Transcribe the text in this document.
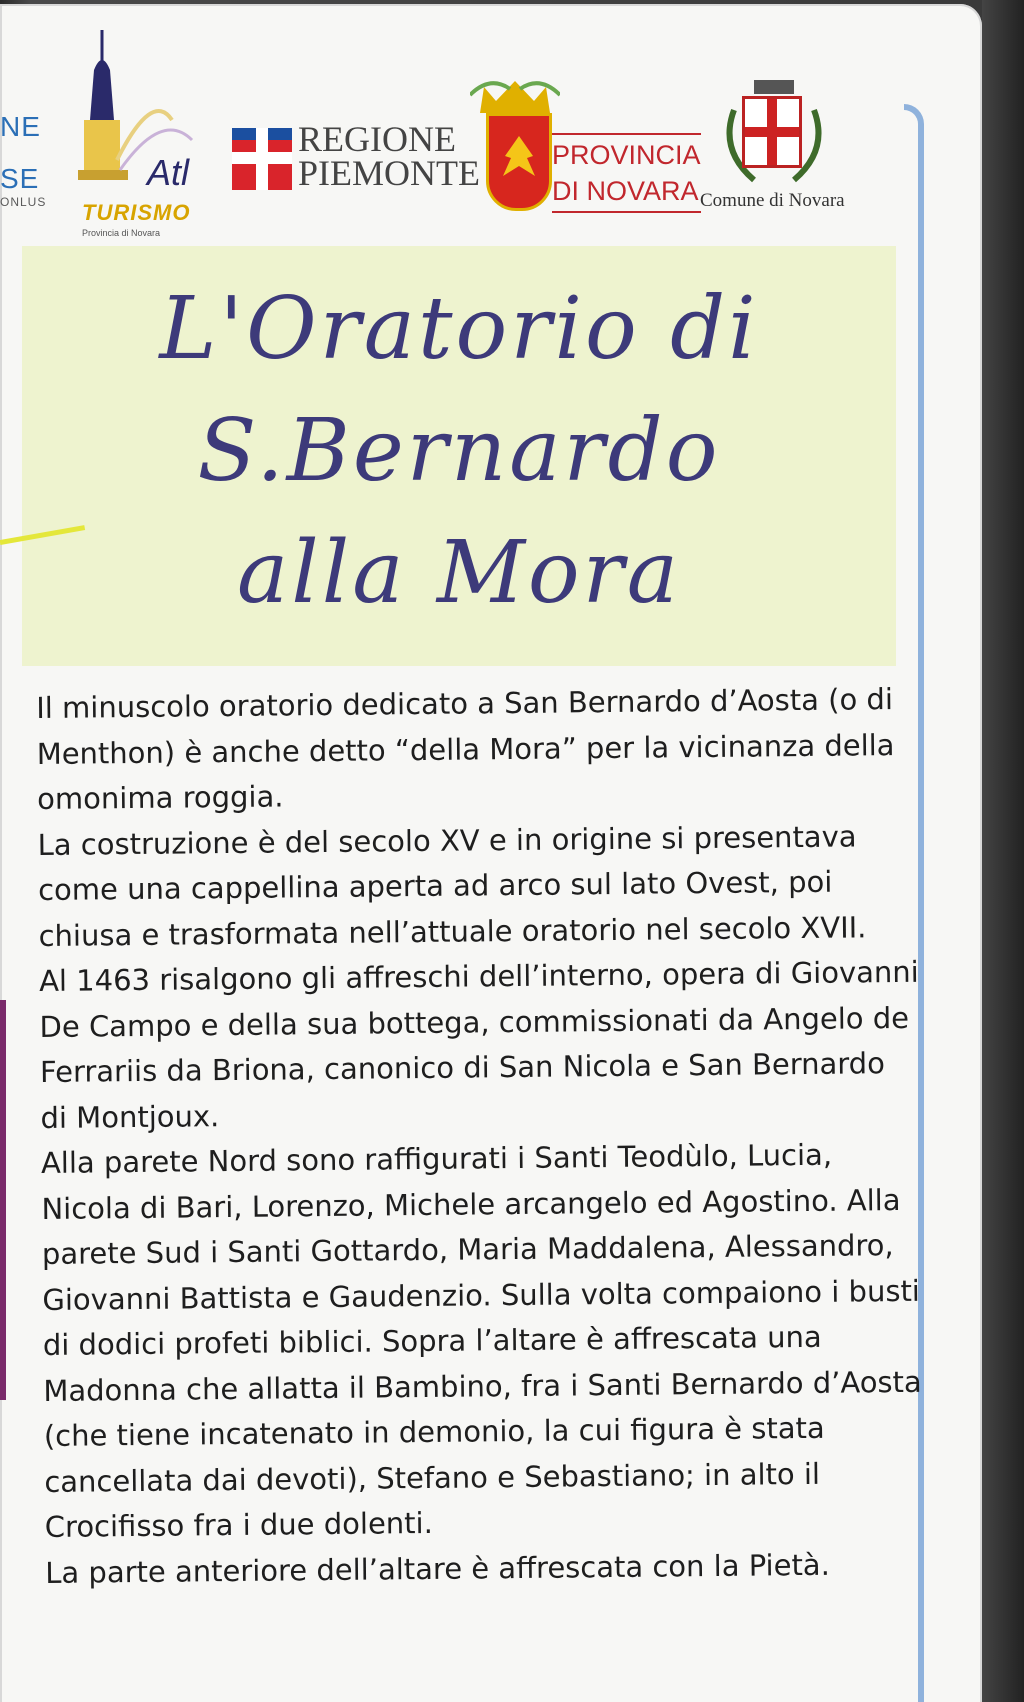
NE
SE
ONLUS
Atl
TURISMO
Provincia di Novara
REGIONE
PIEMONTE	PROVINCIA
DI NOVARA Comune di Novara
L'Oratorio di
S.Bernardo
alla Mora

Il minuscolo oratorio dedicato a San Bernardo d’Aosta (o di Menthon) è anche detto “della Mora” per la vicinanza della omonima roggia.

La costruzione è del secolo XV e in origine si presentava come una cappellina aperta ad arco sul lato Ovest, poi chiusa e trasformata nell’attuale oratorio nel secolo XVII.

Al 1463 risalgono gli affreschi dell’interno, opera di Giovanni De Campo e della sua bottega, commissionati da Angelo de Ferrariis da Briona, canonico di San Nicola e San Bernardo di Montjoux.

Alla parete Nord sono raffigurati i Santi Teodùlo, Lucia, Nicola di Bari, Lorenzo, Michele arcangelo ed Agostino. Alla parete Sud i Santi Gottardo, Maria Maddalena, Alessandro, Giovanni Battista e Gaudenzio. Sulla volta compaiono i busti di dodici profeti biblici. Sopra l’altare è affrescata una Madonna che allatta il Bambino, fra i Santi Bernardo d’Aosta (che tiene incatenato in demonio, la cui figura è stata cancellata dai devoti), Stefano e Sebastiano; in alto il Crocifisso fra i due dolenti.

La parte anteriore dell’altare è affrescata con la Pietà.
